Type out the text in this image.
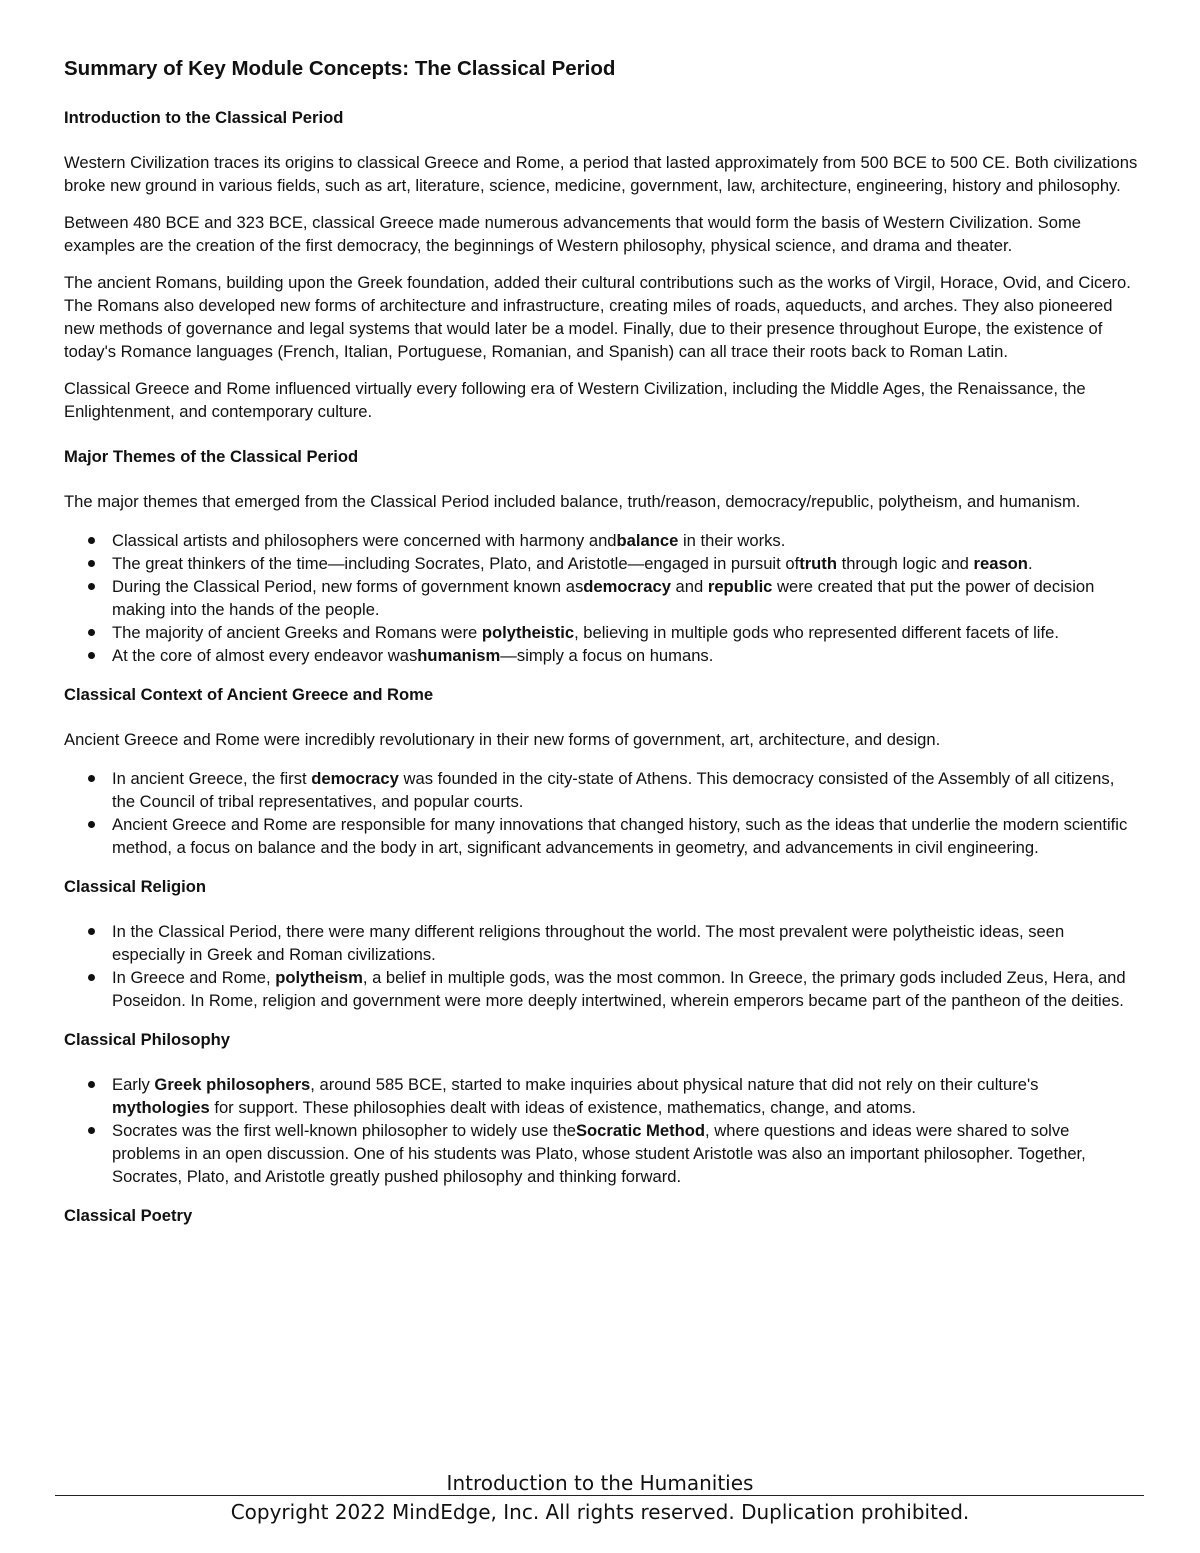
Summary of Key Module Concepts: The Classical Period
Introduction to the Classical Period

Western Civilization traces its origins to classical Greece and Rome, a period that lasted approximately from 500 BCE to 500 CE. Both civilizations broke new ground in various fields, such as art, literature, science, medicine, government, law, architecture, engineering, history and philosophy.

Between 480 BCE and 323 BCE, classical Greece made numerous advancements that would form the basis of Western Civilization. Some examples are the creation of the first democracy, the beginnings of Western philosophy, physical science, and drama and theater.

The ancient Romans, building upon the Greek foundation, added their cultural contributions such as the works of Virgil, Horace, Ovid, and Cicero. The Romans also developed new forms of architecture and infrastructure, creating miles of roads, aqueducts, and arches. They also pioneered new methods of governance and legal systems that would later be a model. Finally, due to their presence throughout Europe, the existence of today's Romance languages (French, Italian, Portuguese, Romanian, and Spanish) can all trace their roots back to Roman Latin.

Classical Greece and Rome influenced virtually every following era of Western Civilization, including the Middle Ages, the Renaissance, the Enlightenment, and contemporary culture.

Major Themes of the Classical Period

The major themes that emerged from the Classical Period included balance, truth/reason, democracy/republic, polytheism, and humanism.

Classical artists and philosophers were concerned with harmony andbalance in their works.
The great thinkers of the time—including Socrates, Plato, and Aristotle—engaged in pursuit oftruth through logic and reason.
During the Classical Period, new forms of government known asdemocracy and republic were created that put the power of decision making into the hands of the people.
The majority of ancient Greeks and Romans were polytheistic, believing in multiple gods who represented different facets of life.
At the core of almost every endeavor washumanism—simply a focus on humans.
Classical Context of Ancient Greece and Rome

Ancient Greece and Rome were incredibly revolutionary in their new forms of government, art, architecture, and design.

In ancient Greece, the first democracy was founded in the city-state of Athens. This democracy consisted of the Assembly of all citizens, the Council of tribal representatives, and popular courts.
Ancient Greece and Rome are responsible for many innovations that changed history, such as the ideas that underlie the modern scientific method, a focus on balance and the body in art, significant advancements in geometry, and advancements in civil engineering.
Classical Religion
In the Classical Period, there were many different religions throughout the world. The most prevalent were polytheistic ideas, seen especially in Greek and Roman civilizations.
In Greece and Rome, polytheism, a belief in multiple gods, was the most common. In Greece, the primary gods included Zeus, Hera, and Poseidon. In Rome, religion and government were more deeply intertwined, wherein emperors became part of the pantheon of the deities.
Classical Philosophy
Early Greek philosophers, around 585 BCE, started to make inquiries about physical nature that did not rely on their culture's mythologies for support. These philosophies dealt with ideas of existence, mathematics, change, and atoms.
Socrates was the first well-known philosopher to widely use theSocratic Method, where questions and ideas were shared to solve problems in an open discussion. One of his students was Plato, whose student Aristotle was also an important philosopher. Together, Socrates, Plato, and Aristotle greatly pushed philosophy and thinking forward.
Classical Poetry
Introduction to the Humanities
Copyright 2022 MindEdge, Inc. All rights reserved. Duplication prohibited.
